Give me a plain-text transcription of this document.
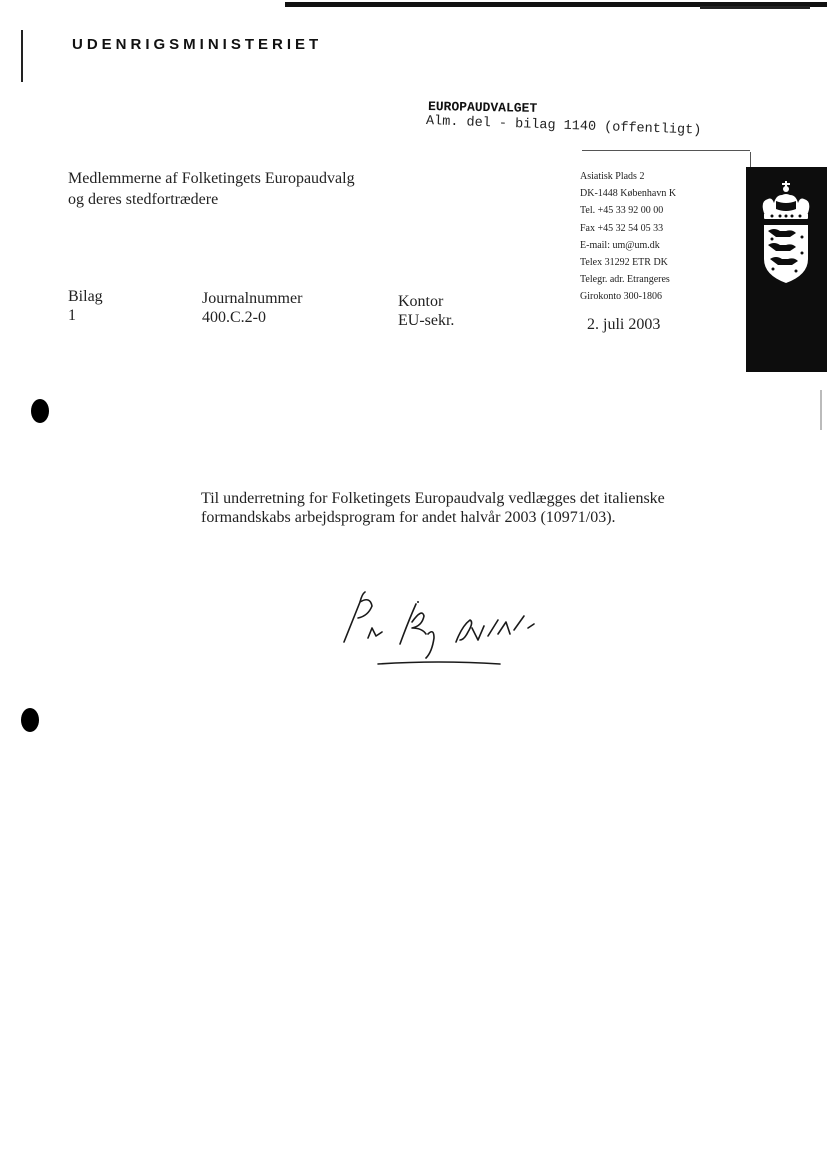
UDENRIGSMINISTERIET
EUROPAUDVALGET
Alm. del - bilag 1140 (offentligt)
Medlemmerne af Folketingets Europaudvalg
og deres stedfortrædere
Asiatisk Plads 2
DK-1448 København K
Tel. +45 33 92 00 00
Fax +45 32 54 05 33
E-mail: um@um.dk
Telex 31292 ETR DK
Telegr. adr. Etrangeres
Girokonto 300-1806
Bilag
1
Journalnummer
400.C.2-0
Kontor
EU-sekr.	2. juli 2003
Til underretning for Folketingets Europaudvalg vedlægges det italienske
formandskabs arbejdsprogram for andet halvår 2003 (10971/03).
